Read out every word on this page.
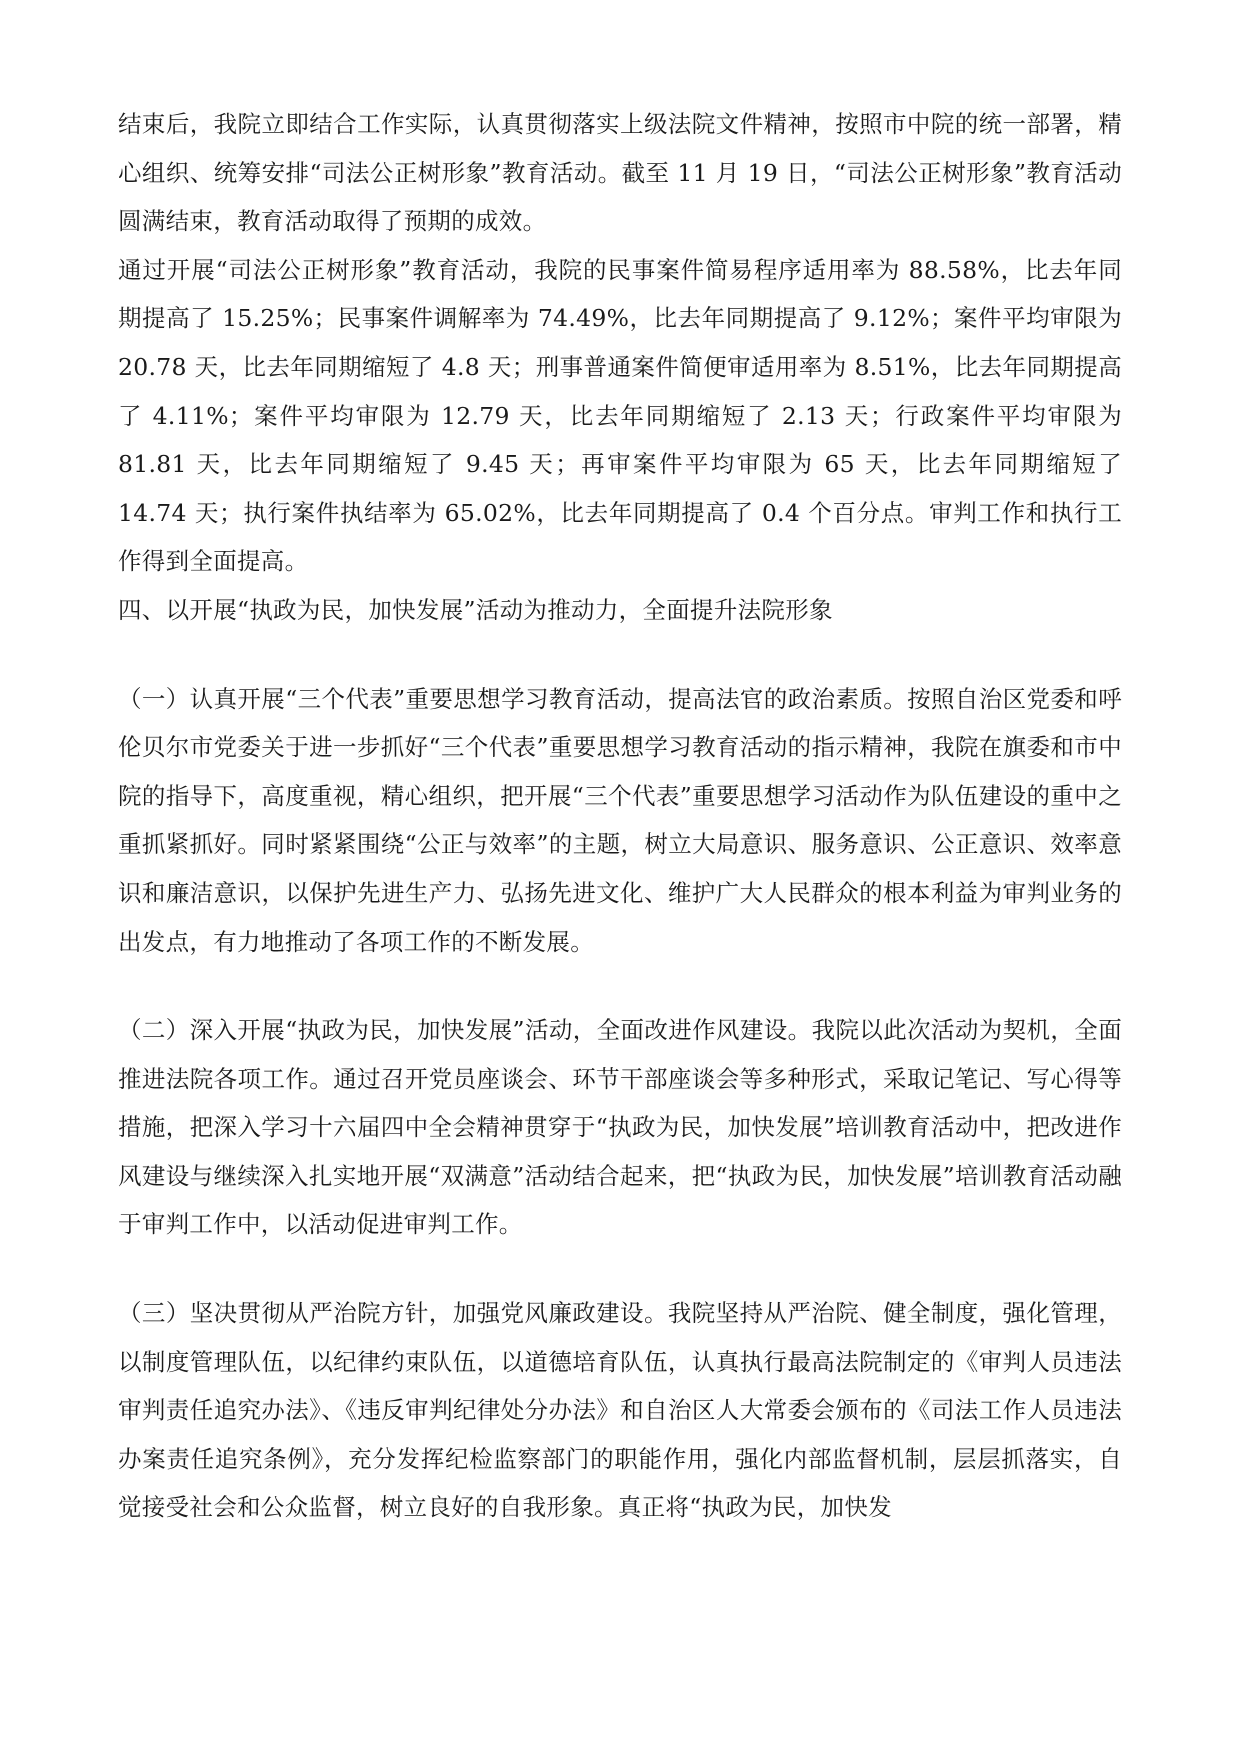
结束后，我院立即结合工作实际，认真贯彻落实上级法院文件精神，按照市中院的统一部署，精心组织、统筹安排“司法公正树形象”教育活动。截至 11 月 19 日，“司法公正树形象”教育活动圆满结束，教育活动取得了预期的成效。

通过开展“司法公正树形象”教育活动，我院的民事案件简易程序适用率为 88.58%，比去年同期提高了 15.25%；民事案件调解率为 74.49%，比去年同期提高了 9.12%；案件平均审限为 20.78 天，比去年同期缩短了 4.8 天；刑事普通案件简便审适用率为 8.51%，比去年同期提高了 4.11%；案件平均审限为 12.79 天，比去年同期缩短了 2.13 天；行政案件平均审限为 81.81 天，比去年同期缩短了 9.45 天；再审案件平均审限为 65 天，比去年同期缩短了 14.74 天；执行案件执结率为 65.02%，比去年同期提高了 0.4 个百分点。审判工作和执行工作得到全面提高。

四、以开展“执政为民，加快发展”活动为推动力，全面提升法院形象

（一）认真开展“三个代表”重要思想学习教育活动，提高法官的政治素质。按照自治区党委和呼伦贝尔市党委关于进一步抓好“三个代表”重要思想学习教育活动的指示精神，我院在旗委和市中院的指导下，高度重视，精心组织，把开展“三个代表”重要思想学习活动作为队伍建设的重中之重抓紧抓好。同时紧紧围绕“公正与效率”的主题，树立大局意识、服务意识、公正意识、效率意识和廉洁意识，以保护先进生产力、弘扬先进文化、维护广大人民群众的根本利益为审判业务的出发点，有力地推动了各项工作的不断发展。

（二）深入开展“执政为民，加快发展”活动，全面改进作风建设。我院以此次活动为契机，全面推进法院各项工作。通过召开党员座谈会、环节干部座谈会等多种形式，采取记笔记、写心得等措施，把深入学习十六届四中全会精神贯穿于“执政为民，加快发展”培训教育活动中，把改进作风建设与继续深入扎实地开展“双满意”活动结合起来，把“执政为民，加快发展”培训教育活动融于审判工作中，以活动促进审判工作。

（三）坚决贯彻从严治院方针，加强党风廉政建设。我院坚持从严治院、健全制度，强化管理，以制度管理队伍，以纪律约束队伍，以道德培育队伍，认真执行最高法院制定的《审判人员违法审判责任追究办法》、《违反审判纪律处分办法》和自治区人大常委会颁布的《司法工作人员违法办案责任追究条例》，充分发挥纪检监察部门的职能作用，强化内部监督机制，层层抓落实，自觉接受社会和公众监督，树立良好的自我形象。真正将“执政为民，加快发
